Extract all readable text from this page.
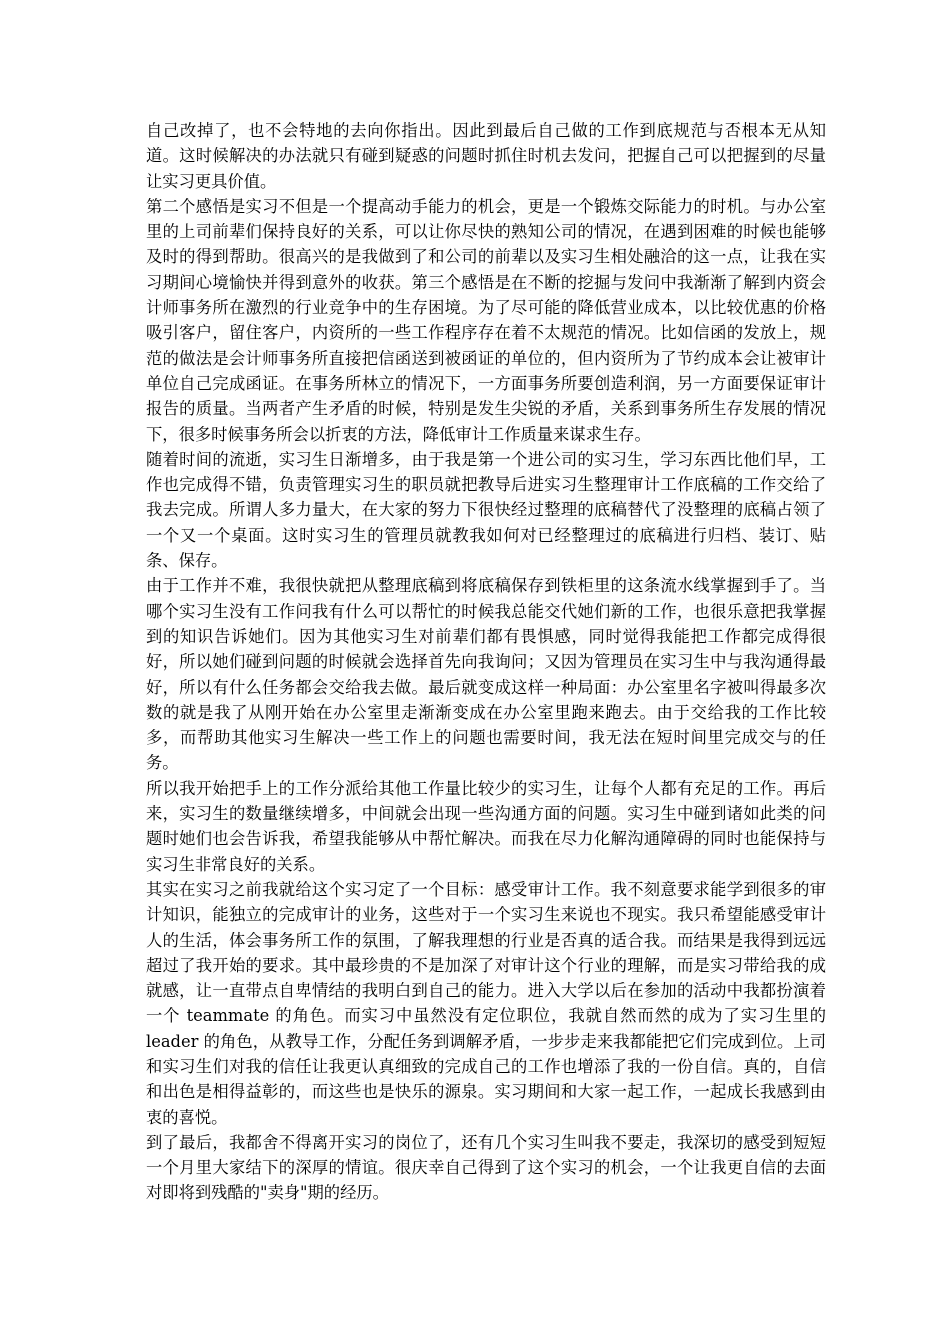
自己改掉了，也不会特地的去向你指出。因此到最后自己做的工作到底规范与否根本无从知道。这时候解决的办法就只有碰到疑惑的问题时抓住时机去发问，把握自己可以把握到的尽量让实习更具价值。

第二个感悟是实习不但是一个提高动手能力的机会，更是一个锻炼交际能力的时机。与办公室里的上司前辈们保持良好的关系，可以让你尽快的熟知公司的情况，在遇到困难的时候也能够及时的得到帮助。很高兴的是我做到了和公司的前辈以及实习生相处融洽的这一点，让我在实习期间心境愉快并得到意外的收获。第三个感悟是在不断的挖掘与发问中我渐渐了解到内资会计师事务所在激烈的行业竞争中的生存困境。为了尽可能的降低营业成本，以比较优惠的价格吸引客户，留住客户，内资所的一些工作程序存在着不太规范的情况。比如信函的发放上，规范的做法是会计师事务所直接把信函送到被函证的单位的，但内资所为了节约成本会让被审计单位自己完成函证。在事务所林立的情况下，一方面事务所要创造利润，另一方面要保证审计报告的质量。当两者产生矛盾的时候，特别是发生尖锐的矛盾，关系到事务所生存发展的情况下，很多时候事务所会以折衷的方法，降低审计工作质量来谋求生存。

随着时间的流逝，实习生日渐增多，由于我是第一个进公司的实习生，学习东西比他们早，工作也完成得不错，负责管理实习生的职员就把教导后进实习生整理审计工作底稿的工作交给了我去完成。所谓人多力量大，在大家的努力下很快经过整理的底稿替代了没整理的底稿占领了一个又一个桌面。这时实习生的管理员就教我如何对已经整理过的底稿进行归档、装订、贴条、保存。

由于工作并不难，我很快就把从整理底稿到将底稿保存到铁柜里的这条流水线掌握到手了。当哪个实习生没有工作问我有什么可以帮忙的时候我总能交代她们新的工作，也很乐意把我掌握到的知识告诉她们。因为其他实习生对前辈们都有畏惧感，同时觉得我能把工作都完成得很好，所以她们碰到问题的时候就会选择首先向我询问；又因为管理员在实习生中与我沟通得最好，所以有什么任务都会交给我去做。最后就变成这样一种局面：办公室里名字被叫得最多次数的就是我了从刚开始在办公室里走渐渐变成在办公室里跑来跑去。由于交给我的工作比较多，而帮助其他实习生解决一些工作上的问题也需要时间，我无法在短时间里完成交与的任务。

所以我开始把手上的工作分派给其他工作量比较少的实习生，让每个人都有充足的工作。再后来，实习生的数量继续增多，中间就会出现一些沟通方面的问题。实习生中碰到诸如此类的问题时她们也会告诉我，希望我能够从中帮忙解决。而我在尽力化解沟通障碍的同时也能保持与实习生非常良好的关系。

其实在实习之前我就给这个实习定了一个目标：感受审计工作。我不刻意要求能学到很多的审计知识，能独立的完成审计的业务，这些对于一个实习生来说也不现实。我只希望能感受审计人的生活，体会事务所工作的氛围，了解我理想的行业是否真的适合我。而结果是我得到远远超过了我开始的要求。其中最珍贵的不是加深了对审计这个行业的理解，而是实习带给我的成就感，让一直带点自卑情结的我明白到自己的能力。进入大学以后在参加的活动中我都扮演着一个 teammate 的角色。而实习中虽然没有定位职位，我就自然而然的成为了实习生里的 leader 的角色，从教导工作，分配任务到调解矛盾，一步步走来我都能把它们完成到位。上司和实习生们对我的信任让我更认真细致的完成自己的工作也增添了我的一份自信。真的，自信和出色是相得益彰的，而这些也是快乐的源泉。实习期间和大家一起工作，一起成长我感到由衷的喜悦。

到了最后，我都舍不得离开实习的岗位了，还有几个实习生叫我不要走，我深切的感受到短短一个月里大家结下的深厚的情谊。很庆幸自己得到了这个实习的机会，一个让我更自信的去面对即将到残酷的"卖身"期的经历。
